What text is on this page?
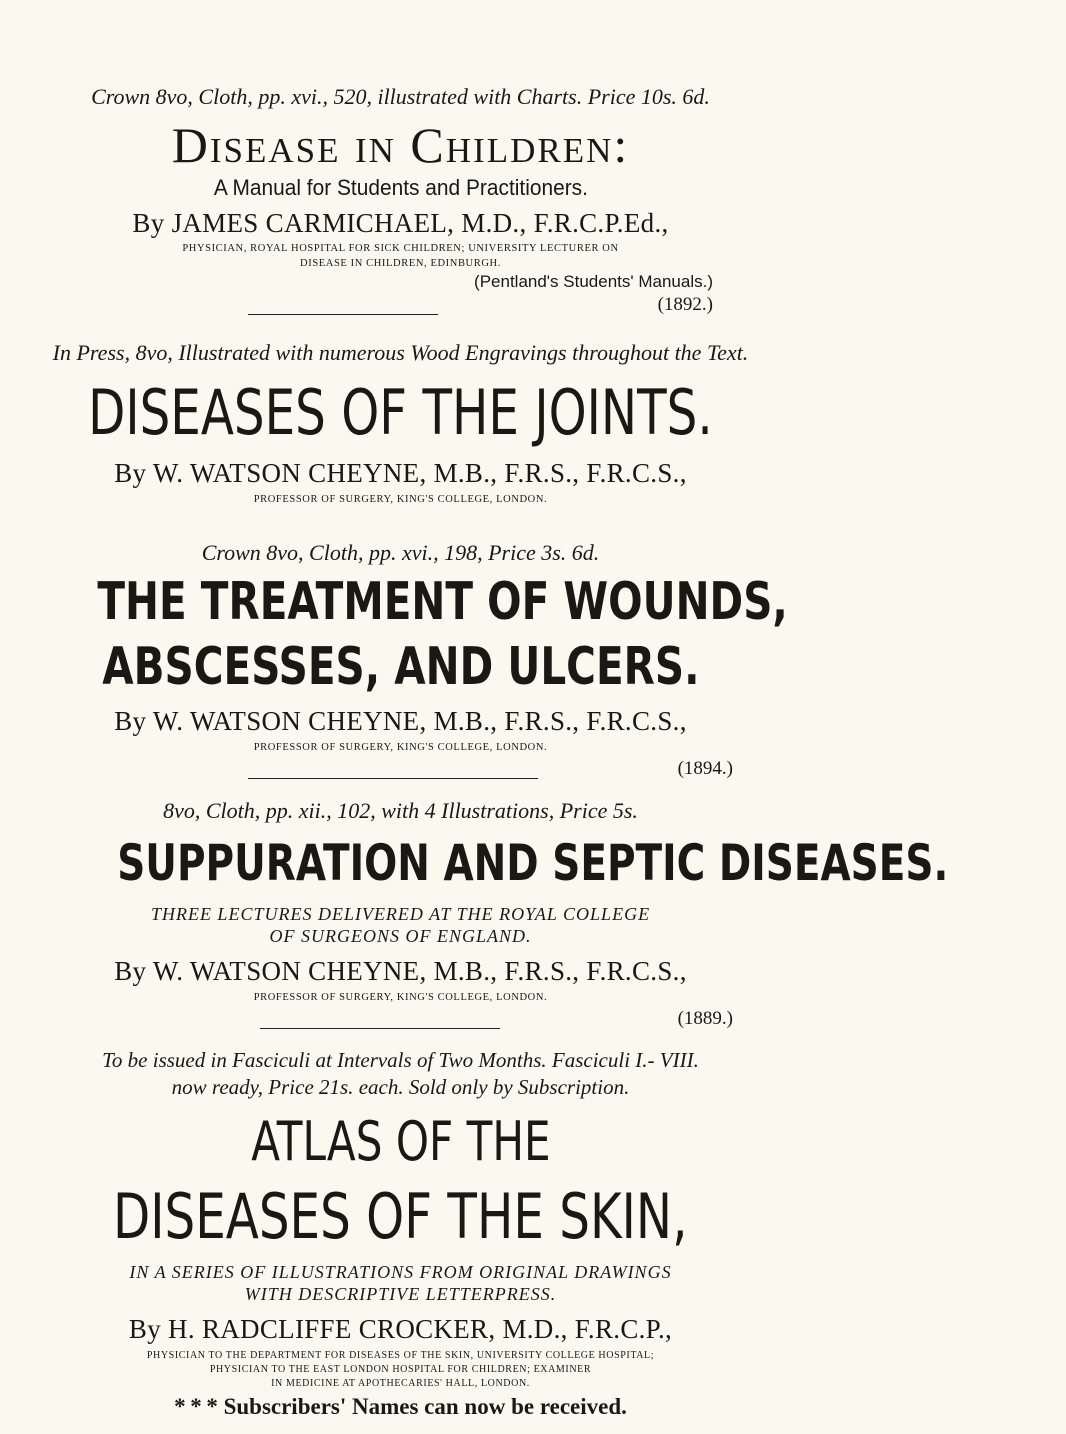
Crown 8vo, Cloth, pp. xvi., 520, illustrated with Charts. Price 10s. 6d.
Disease in Children:
A Manual for Students and Practitioners.
By JAMES CARMICHAEL, M.D., F.R.C.P.Ed.,
PHYSICIAN, ROYAL HOSPITAL FOR SICK CHILDREN; UNIVERSITY LECTURER ON
DISEASE IN CHILDREN, EDINBURGH.
(Pentland's Students' Manuals.)
(1892.)
In Press, 8vo, Illustrated with numerous Wood Engravings throughout the Text.
DISEASES OF THE JOINTS.
By W. WATSON CHEYNE, M.B., F.R.S., F.R.C.S.,
PROFESSOR OF SURGERY, KING'S COLLEGE, LONDON.
Crown 8vo, Cloth, pp. xvi., 198, Price 3s. 6d.
THE TREATMENT OF WOUNDS,
ABSCESSES, AND ULCERS.
By W. WATSON CHEYNE, M.B., F.R.S., F.R.C.S.,
PROFESSOR OF SURGERY, KING'S COLLEGE, LONDON.
(1894.)
8vo, Cloth, pp. xii., 102, with 4 Illustrations, Price 5s.
SUPPURATION AND SEPTIC DISEASES.
THREE LECTURES DELIVERED AT THE ROYAL COLLEGE
OF SURGEONS OF ENGLAND.
By W. WATSON CHEYNE, M.B., F.R.S., F.R.C.S.,
PROFESSOR OF SURGERY, KING'S COLLEGE, LONDON.
(1889.)
To be issued in Fasciculi at Intervals of Two Months. Fasciculi I.- VIII.
now ready, Price 21s. each. Sold only by Subscription.
ATLAS OF THE
DISEASES OF THE SKIN,
IN A SERIES OF ILLUSTRATIONS FROM ORIGINAL DRAWINGS
WITH DESCRIPTIVE LETTERPRESS.
By H. RADCLIFFE CROCKER, M.D., F.R.C.P.,
PHYSICIAN TO THE DEPARTMENT FOR DISEASES OF THE SKIN, UNIVERSITY COLLEGE HOSPITAL;
PHYSICIAN TO THE EAST LONDON HOSPITAL FOR CHILDREN; EXAMINER
IN MEDICINE AT APOTHECARIES' HALL, LONDON.
* * * Subscribers' Names can now be received.
